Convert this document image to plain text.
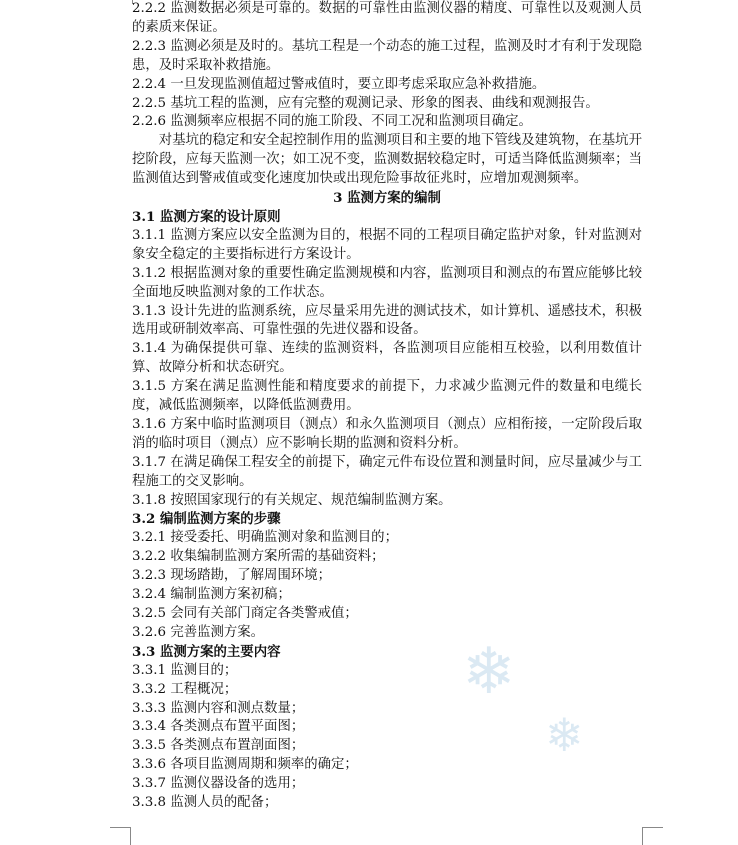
❄
❄

2.2.2 监测数据必须是可靠的。数据的可靠性由监测仪器的精度、可靠性以及观测人员的素质来保证。

2.2.3 监测必须是及时的。基坑工程是一个动态的施工过程，监测及时才有利于发现隐患，及时采取补救措施。

2.2.4 一旦发现监测值超过警戒值时，要立即考虑采取应急补救措施。

2.2.5 基坑工程的监测，应有完整的观测记录、形象的图表、曲线和观测报告。

2.2.6 监测频率应根据不同的施工阶段、不同工况和监测项目确定。

对基坑的稳定和安全起控制作用的监测项目和主要的地下管线及建筑物，在基坑开挖阶段，应每天监测一次；如工况不变，监测数据较稳定时，可适当降低监测频率；当监测值达到警戒值或变化速度加快或出现危险事故征兆时，应增加观测频率。

3 监测方案的编制

3.1 监测方案的设计原则

3.1.1 监测方案应以安全监测为目的，根据不同的工程项目确定监护对象，针对监测对象安全稳定的主要指标进行方案设计。

3.1.2 根据监测对象的重要性确定监测规模和内容，监测项目和测点的布置应能够比较全面地反映监测对象的工作状态。

3.1.3 设计先进的监测系统，应尽量采用先进的测试技术，如计算机、遥感技术，积极选用或研制效率高、可靠性强的先进仪器和设备。

3.1.4 为确保提供可靠、连续的监测资料，各监测项目应能相互校验，以利用数值计算、故障分析和状态研究。

3.1.5 方案在满足监测性能和精度要求的前提下，力求减少监测元件的数量和电缆长度，减低监测频率，以降低监测费用。

3.1.6 方案中临时监测项目（测点）和永久监测项目（测点）应相衔接，一定阶段后取消的临时项目（测点）应不影响长期的监测和资料分析。

3.1.7 在满足确保工程安全的前提下，确定元件布设位置和测量时间，应尽量减少与工程施工的交叉影响。

3.1.8 按照国家现行的有关规定、规范编制监测方案。

3.2 编制监测方案的步骤

3.2.1 接受委托、明确监测对象和监测目的；

3.2.2 收集编制监测方案所需的基础资料；

3.2.3 现场踏勘，了解周围环境；

3.2.4 编制监测方案初稿；

3.2.5 会同有关部门商定各类警戒值；

3.2.6 完善监测方案。

3.3 监测方案的主要内容

3.3.1 监测目的；

3.3.2 工程概况；

3.3.3 监测内容和测点数量；

3.3.4 各类测点布置平面图；

3.3.5 各类测点布置剖面图；

3.3.6 各项目监测周期和频率的确定；

3.3.7 监测仪器设备的选用；

3.3.8 监测人员的配备；
